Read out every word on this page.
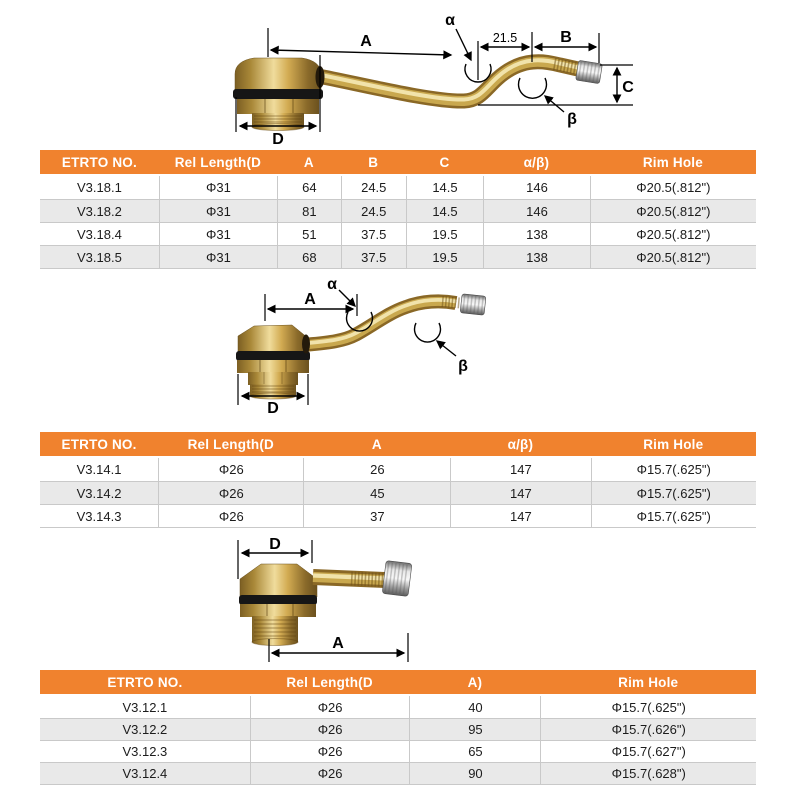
A
α
21.5	B
C
β
D
α
A
β
D
D
A
ETRTO NO.	Rel Length(D	A	B	C	α/β)	Rim Hole
V3.18.1	Φ31	64	24.5	14.5	146	Φ20.5(.812")
V3.18.2	Φ31	81	24.5	14.5	146	Φ20.5(.812")
V3.18.4	Φ31	51	37.5	19.5	138	Φ20.5(.812")
V3.18.5	Φ31	68	37.5	19.5	138	Φ20.5(.812")
ETRTO NO.	Rel Length(D	A	α/β)	Rim Hole
V3.14.1	Φ26	26	147	Φ15.7(.625")
V3.14.2	Φ26	45	147	Φ15.7(.625")
V3.14.3	Φ26	37	147	Φ15.7(.625")
ETRTO NO.	Rel Length(D	A)	Rim Hole
V3.12.1	Φ26	40	Φ15.7(.625")
V3.12.2	Φ26	95	Φ15.7(.626")
V3.12.3	Φ26	65	Φ15.7(.627")
V3.12.4	Φ26	90	Φ15.7(.628")
